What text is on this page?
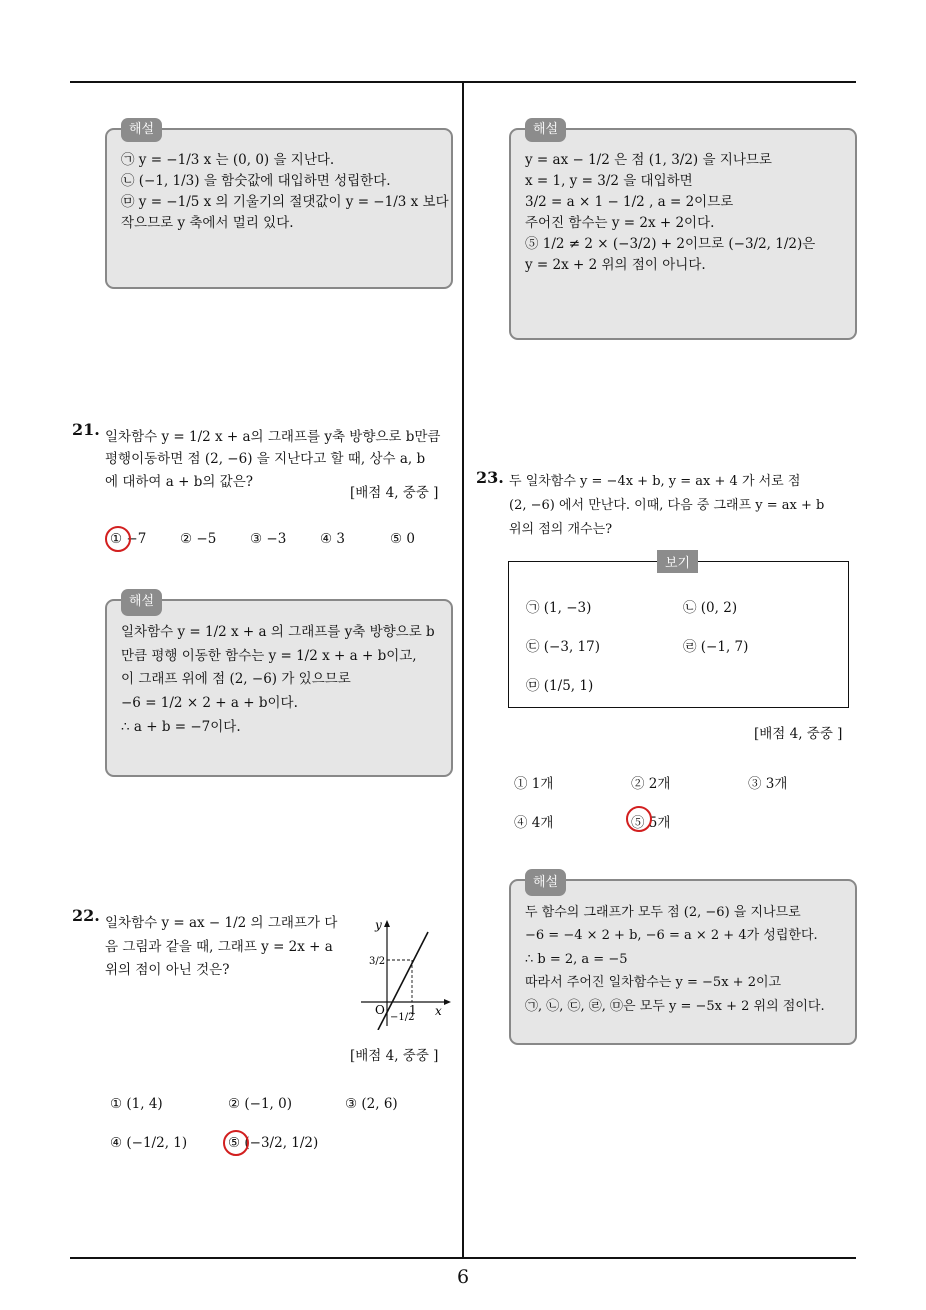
해설
㉠ y = −1/3 x 는 (0, 0) 을 지난다.
㉡ (−1, 1/3) 을 함숫값에 대입하면 성립한다.
㉤ y = −1/5 x 의 기울기의 절댓값이 y = −1/3 x 보다
작으므로 y 축에서 멀리 있다.
해설
y = ax − 1/2 은 점 (1, 3/2) 을 지나므로
x = 1, y = 3/2 을 대입하면
3/2 = a × 1 − 1/2 , a = 2이므로
주어진 함수는 y = 2x + 2이다.
⑤ 1/2 ≠ 2 × (−3/2) + 2이므로 (−3/2, 1/2)은
y = 2x + 2 위의 점이 아니다.
21. 일차함수 y = 1/2 x + a의 그래프를 y축 방향으로 b만큼
평행이동하면 점 (2, −6) 을 지난다고 할 때, 상수 a, b
에 대하여 a + b의 값은?
[배점 4, 중중 ]
① −7	② −5	③ −3	④ 3	⑤ 0
해설
일차함수 y = 1/2 x + a 의 그래프를 y축 방향으로 b
만큼 평행 이동한 함수는 y = 1/2 x + a + b이고,
이 그래프 위에 점 (2, −6) 가 있으므로
−6 = 1/2 × 2 + a + b이다.
∴ a + b = −7이다.
22. 일차함수 y = ax − 1/2 의 그래프가 다
음 그림과 같을 때, 그래프 y = 2x + a
위의 점이 아닌 것은?
y
x
O
3/2
1
−1/2
[배점 4, 중중 ]
① (1, 4)	② (−1, 0)	③ (2, 6)
④ (−1/2, 1)	⑤ (−3/2, 1/2)
23. 두 일차함수 y = −4x + b, y = ax + 4 가 서로 점
(2, −6) 에서 만난다. 이때, 다음 중 그래프 y = ax + b
위의 점의 개수는?
보기
㉠ (1, −3)	㉡ (0, 2)
㉢ (−3, 17)	㉣ (−1, 7)
㉤ (1/5, 1)
[배점 4, 중중 ]
① 1개	② 2개	③ 3개
④ 4개	⑤ 5개
해설
두 함수의 그래프가 모두 점 (2, −6) 을 지나므로
−6 = −4 × 2 + b, −6 = a × 2 + 4가 성립한다.
∴ b = 2, a = −5
따라서 주어진 일차함수는 y = −5x + 2이고
㉠, ㉡, ㉢, ㉣, ㉤은 모두 y = −5x + 2 위의 점이다.
6
